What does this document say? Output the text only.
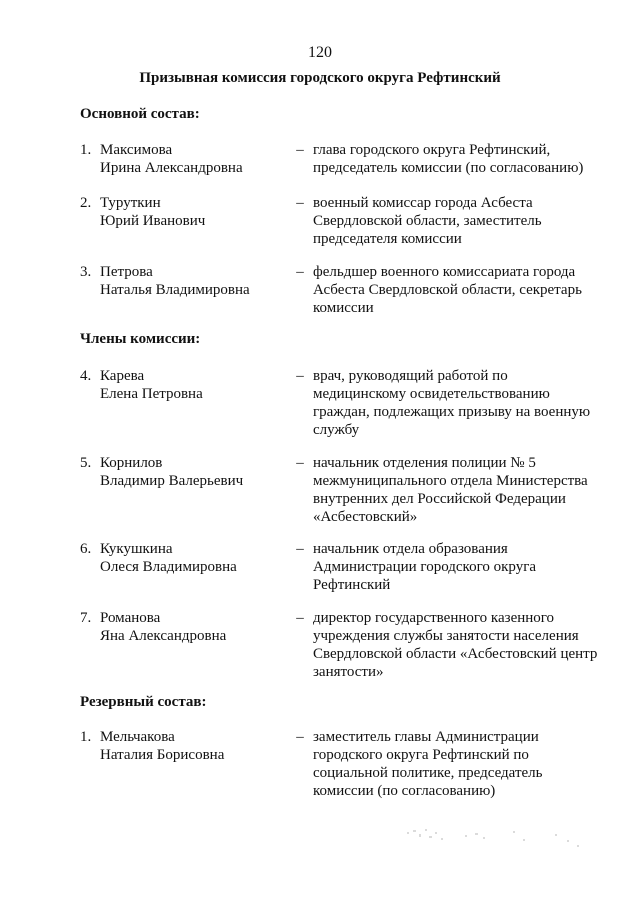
120
Призывная комиссия городского округа Рефтинский
Основной состав:
1. Максимова
Ирина Александровна
– глава городского округа Рефтинский,
председатель комиссии (по согласованию)
2. Туруткин
Юрий Иванович
– военный комиссар города Асбеста
Свердловской области, заместитель
председателя комиссии
3. Петрова
Наталья Владимировна
– фельдшер военного комиссариата города
Асбеста Свердловской области, секретарь
комиссии
Члены комиссии:
4. Карева
Елена Петровна
– врач, руководящий работой по
медицинскому освидетельствованию
граждан, подлежащих призыву на военную
службу
5. Корнилов
Владимир Валерьевич
– начальник отделения полиции № 5
межмуниципального отдела Министерства
внутренних дел Российской Федерации
«Асбестовский»
6. Кукушкина
Олеся Владимировна
– начальник отдела образования
Администрации городского округа
Рефтинский
7. Романова
Яна Александровна
– директор государственного казенного
учреждения службы занятости населения
Свердловской области «Асбестовский центр
занятости»
Резервный состав:
1. Мельчакова
Наталия Борисовна
– заместитель главы Администрации
городского округа Рефтинский по
социальной политике, председатель
комиссии (по согласованию)
